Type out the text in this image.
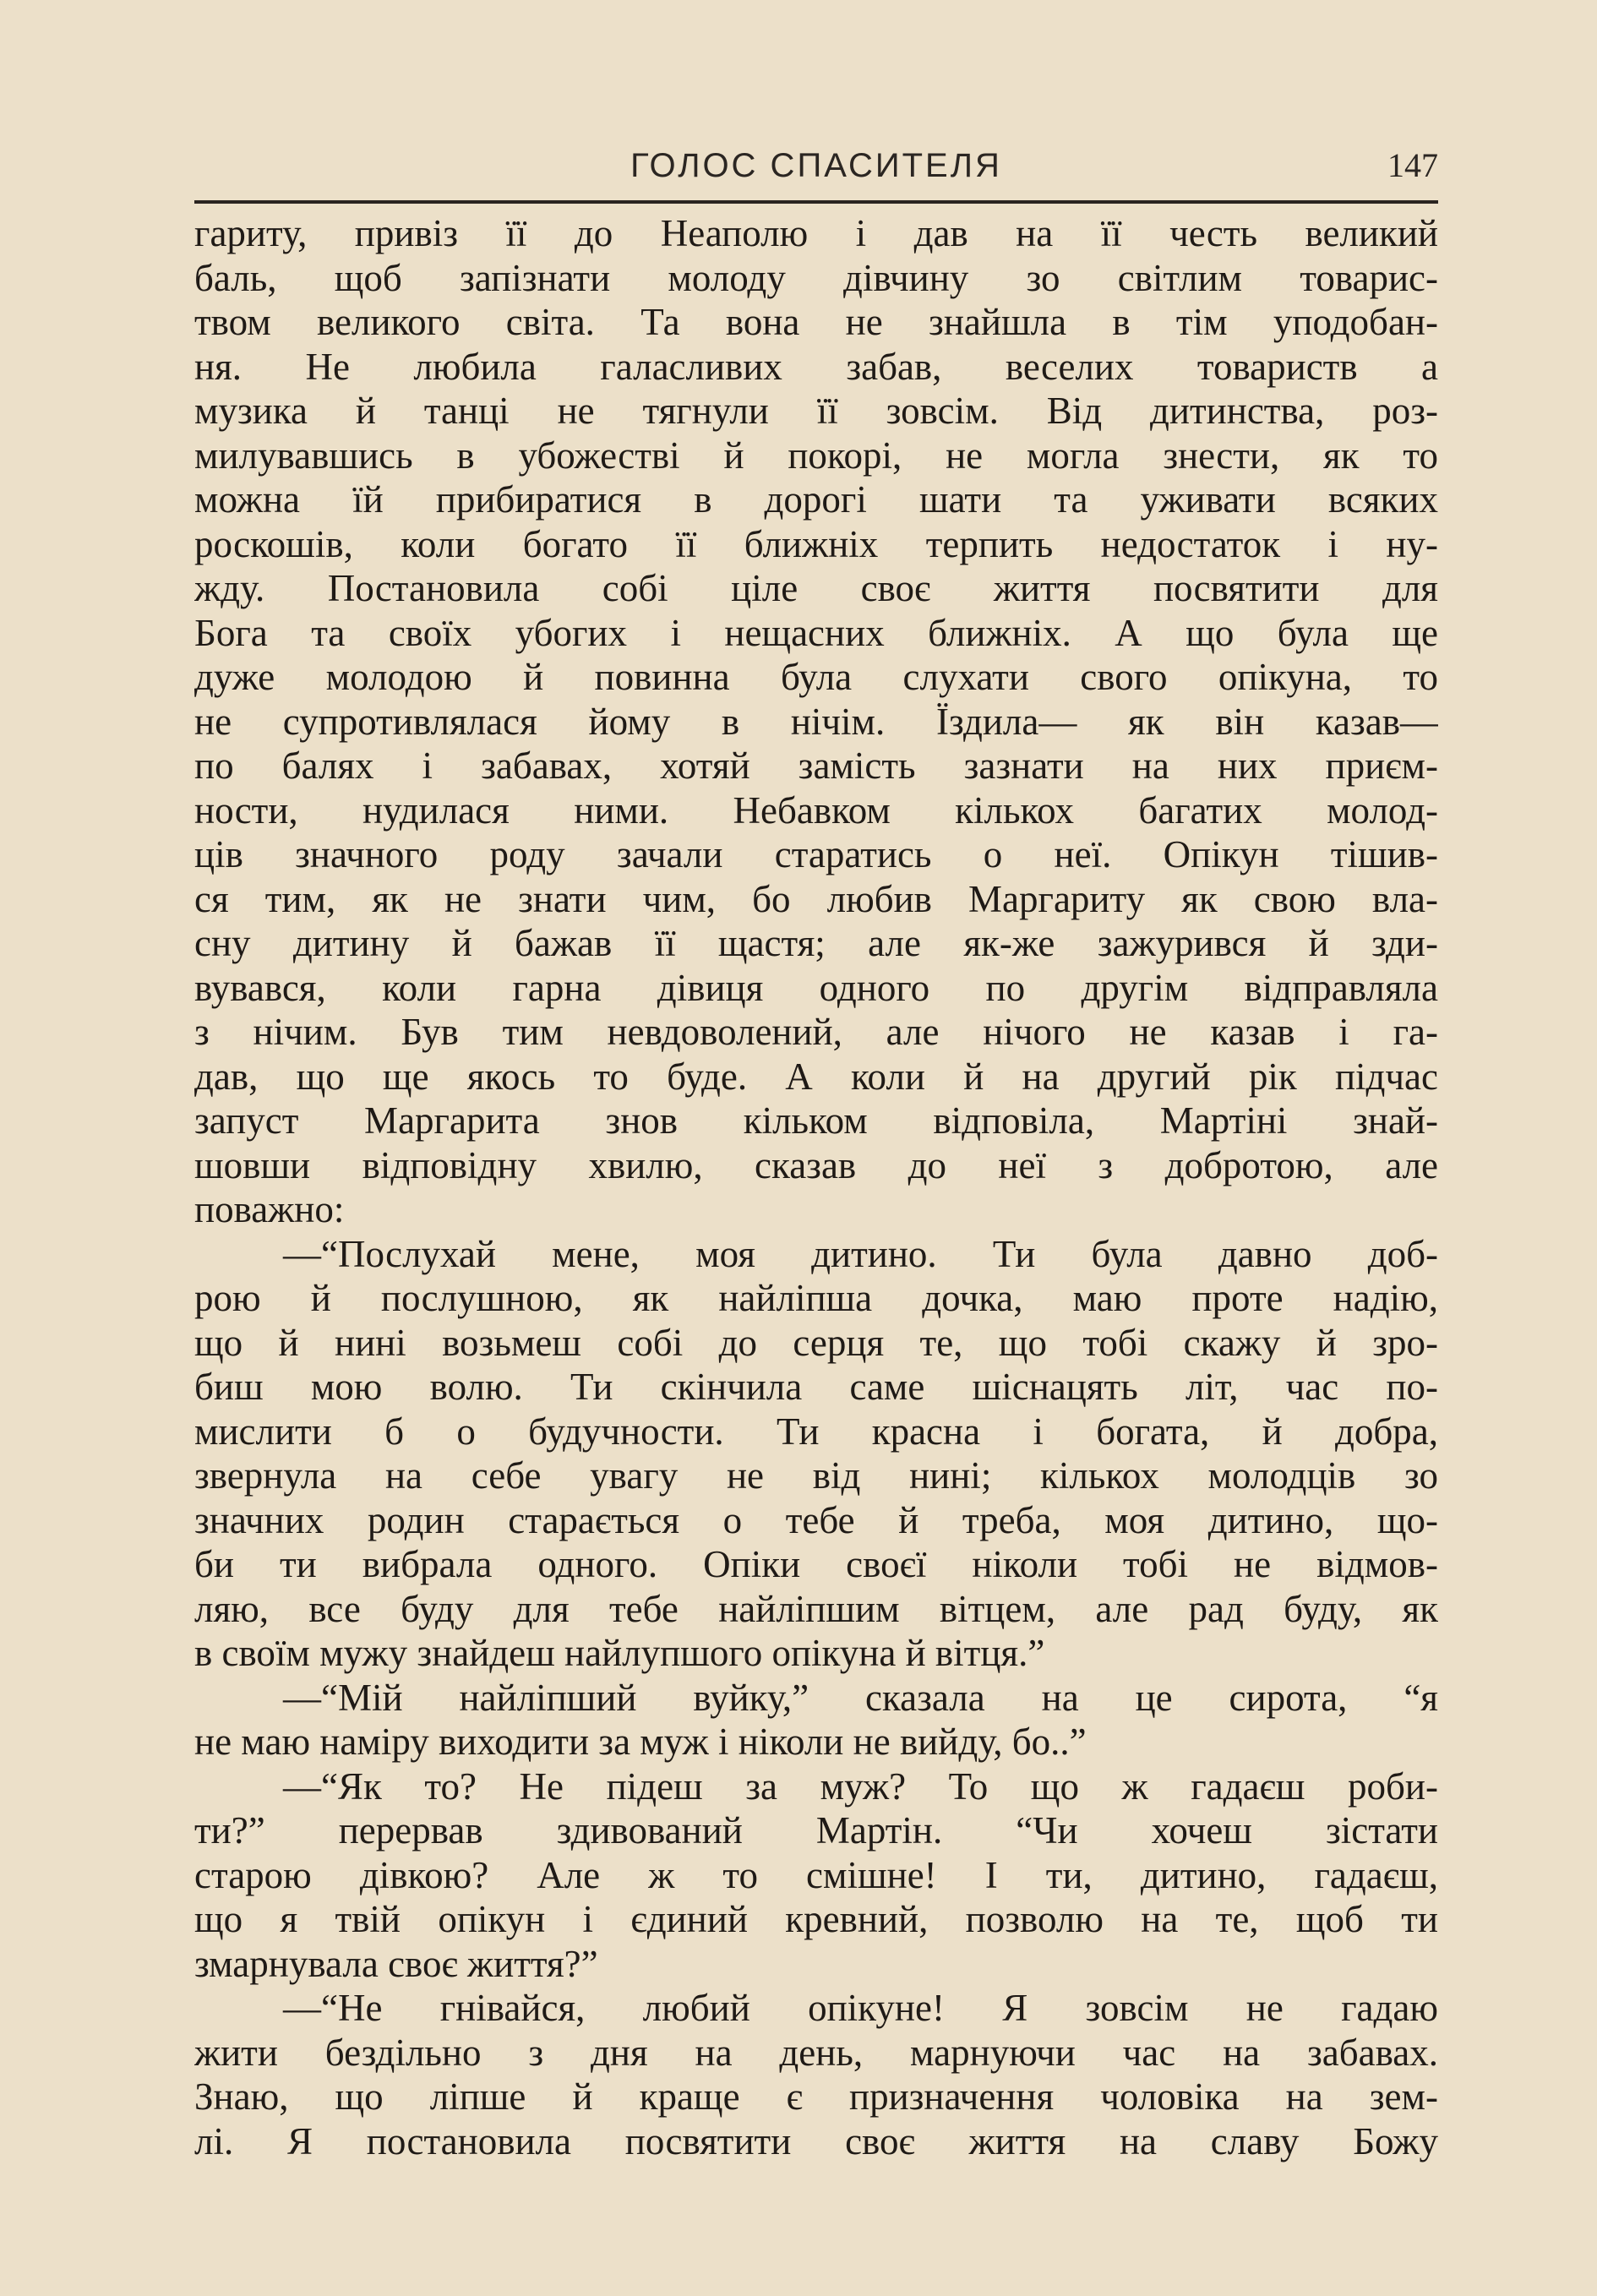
ГОЛОС СПАСИТЕЛЯ	147
гариту, привіз її до Неаполю і дав на її честь великий
баль, щоб запізнати молоду дівчину зо світлим товарис-
твом великого світа. Та вона не знайшла в тім уподобан-
ня. Не любила галасливих забав, веселих товариств а
музика й танці не тягнули її зовсім. Від дитинства, роз-
милувавшись в убожестві й покорі, не могла знести, як то
можна їй прибиратися в дорогі шати та уживати всяких
роскошів, коли богато її ближніх терпить недостаток і ну-
жду. Постановила собі ціле своє життя посвятити для
Бога та своїх убогих і нещасних ближніх. А що була ще
дуже молодою й повинна була слухати свого опікуна, то
не супротивлялася йому в нічім. Їздила— як він казав—
по балях і забавах, хотяй замість зазнати на них приєм-
ности, нудилася ними. Небавком кількох багатих молод-
ців значного роду зачали старатись о неї. Опікун тішив-
ся тим, як не знати чим, бо любив Маргариту як свою вла-
сну дитину й бажав її щастя; але як-же зажурився й зди-
вувався, коли гарна дівиця одного по другім відправляла
з нічим. Був тим невдоволений, але нічого не казав і га-
дав, що ще якось то буде. А коли й на другий рік підчас
запуст Маргарита знов кільком відповіла, Мартіні знай-
шовши відповідну хвилю, сказав до неї з добротою, але
поважно:
—“Послухай мене, моя дитино. Ти була давно доб-
рою й послушною, як найліпша дочка, маю проте надію,
що й нині возьмеш собі до серця те, що тобі скажу й зро-
биш мою волю. Ти скінчила саме шіснацять літ, час по-
мислити б о будучности. Ти красна і богата, й добра,
звернула на себе увагу не від нині; кількох молодців зо
значних родин старається о тебе й треба, моя дитино, що-
би ти вибрала одного. Опіки своєї ніколи тобі не відмов-
ляю, все буду для тебе найліпшим вітцем, але рад буду, як
в своїм мужу знайдеш найлупшого опікуна й вітця.”
—“Мій найліпший вуйку,” сказала на це сирота, “я
не маю наміру виходити за муж і ніколи не вийду, бо..”
—“Як то? Не підеш за муж? То що ж гадаєш роби-
ти?” перервав здивований Мартін. “Чи хочеш зістати
старою дівкою? Але ж то смішне! І ти, дитино, гадаєш,
що я твій опікун і єдиний кревний, позволю на те, щоб ти
змарнувала своє життя?”
—“Не гнівайся, любий опікуне! Я зовсім не гадаю
жити бездільно з дня на день, марнуючи час на забавах.
Знаю, що ліпше й краще є призначення чоловіка на зем-
лі. Я постановила посвятити своє життя на славу Божу
